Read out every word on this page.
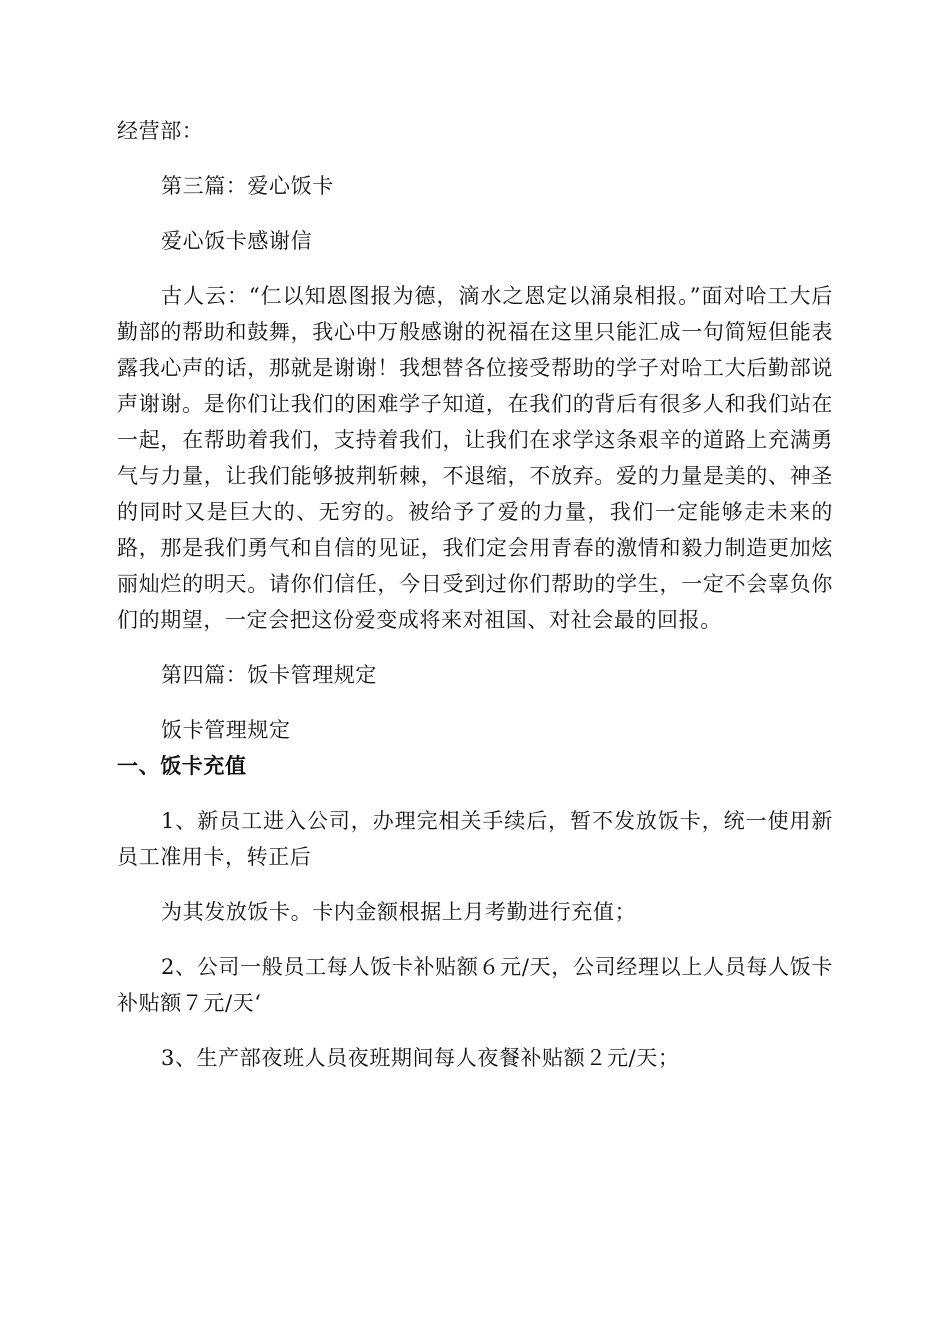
经营部：

第三篇：爱心饭卡

爱心饭卡感谢信

古人云：“仁以知恩图报为德，滴水之恩定以涌泉相报。”面对哈工大后勤部的帮助和鼓舞，我心中万般感谢的祝福在这里只能汇成一句简短但能表露我心声的话，那就是谢谢！我想替各位接受帮助的学子对哈工大后勤部说声谢谢。是你们让我们的困难学子知道，在我们的背后有很多人和我们站在一起，在帮助着我们，支持着我们，让我们在求学这条艰辛的道路上充满勇气与力量，让我们能够披荆斩棘，不退缩，不放弃。爱的力量是美的、神圣的同时又是巨大的、无穷的。被给予了爱的力量，我们一定能够走未来的路，那是我们勇气和自信的见证，我们定会用青春的激情和毅力制造更加炫丽灿烂的明天。请你们信任，今日受到过你们帮助的学生，一定不会辜负你们的期望，一定会把这份爱变成将来对祖国、对社会最的回报。

第四篇：饭卡管理规定

饭卡管理规定

一、饭卡充值

1、新员工进入公司，办理完相关手续后，暂不发放饭卡，统一使用新员工准用卡，转正后

为其发放饭卡。卡内金额根据上月考勤进行充值；

2、公司一般员工每人饭卡补贴额６元/天，公司经理以上人员每人饭卡补贴额７元/天‘

3、生产部夜班人员夜班期间每人夜餐补贴额２元/天；
